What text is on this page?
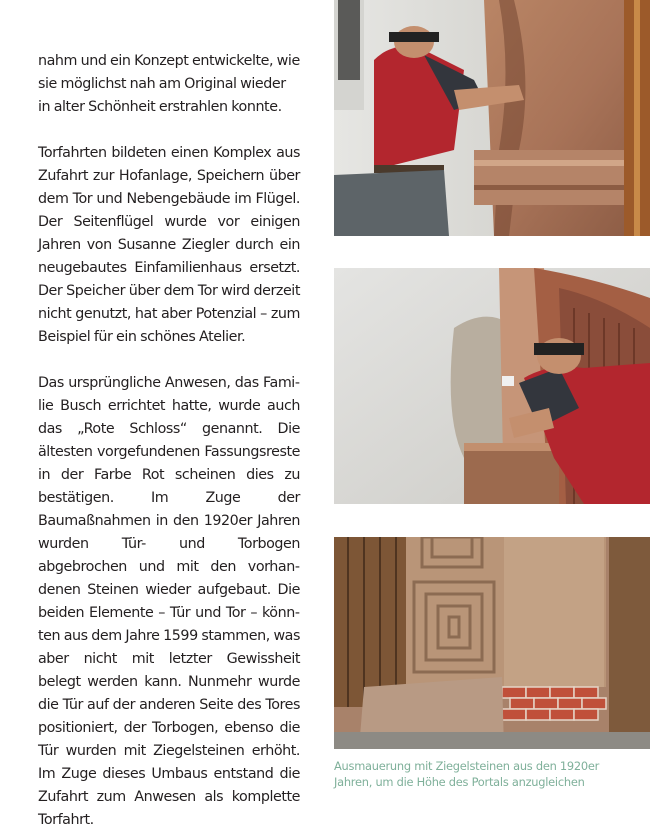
nahm und ein Konzept entwickelte, wie sie möglichst nah am Original wieder in alter Schönheit erstrahlen konnte.

Torfahrten bildeten einen Komplex aus Zufahrt zur Hofanlage, Speichern über dem Tor und Nebengebäude im Flügel. Der Seitenflügel wurde vor einigen Jahren von Susanne Ziegler durch ein neugebautes Einfamilienhaus ersetzt. Der Speicher über dem Tor wird derzeit nicht genutzt, hat aber Potenzial – zum Beispiel für ein schönes Atelier.

Das ursprüngliche Anwesen, das Familie Busch errichtet hatte, wurde auch das „Rote Schloss“ genannt. Die ältesten vorgefundenen Fassungsreste in der Farbe Rot scheinen dies zu bestätigen. Im Zuge der Baumaßnahmen in den 1920er Jahren wurden Tür- und Torbogen abgebrochen und mit den vorhandenen Steinen wieder aufgebaut. Die beiden Elemente – Tür und Tor – könnten aus dem Jahre 1599 stammen, was aber nicht mit letzter Gewissheit belegt werden kann. Nunmehr wurde die Tür auf der anderen Seite des Tores positioniert, der Torbogen, ebenso die Tür wurden mit Ziegelsteinen erhöht. Im Zuge dieses Umbaus entstand die Zufahrt zum Anwesen als komplette Torfahrt.

Ausmauerung mit Ziegelsteinen aus den 1920er
Jahren, um die Höhe des Portals anzugleichen
